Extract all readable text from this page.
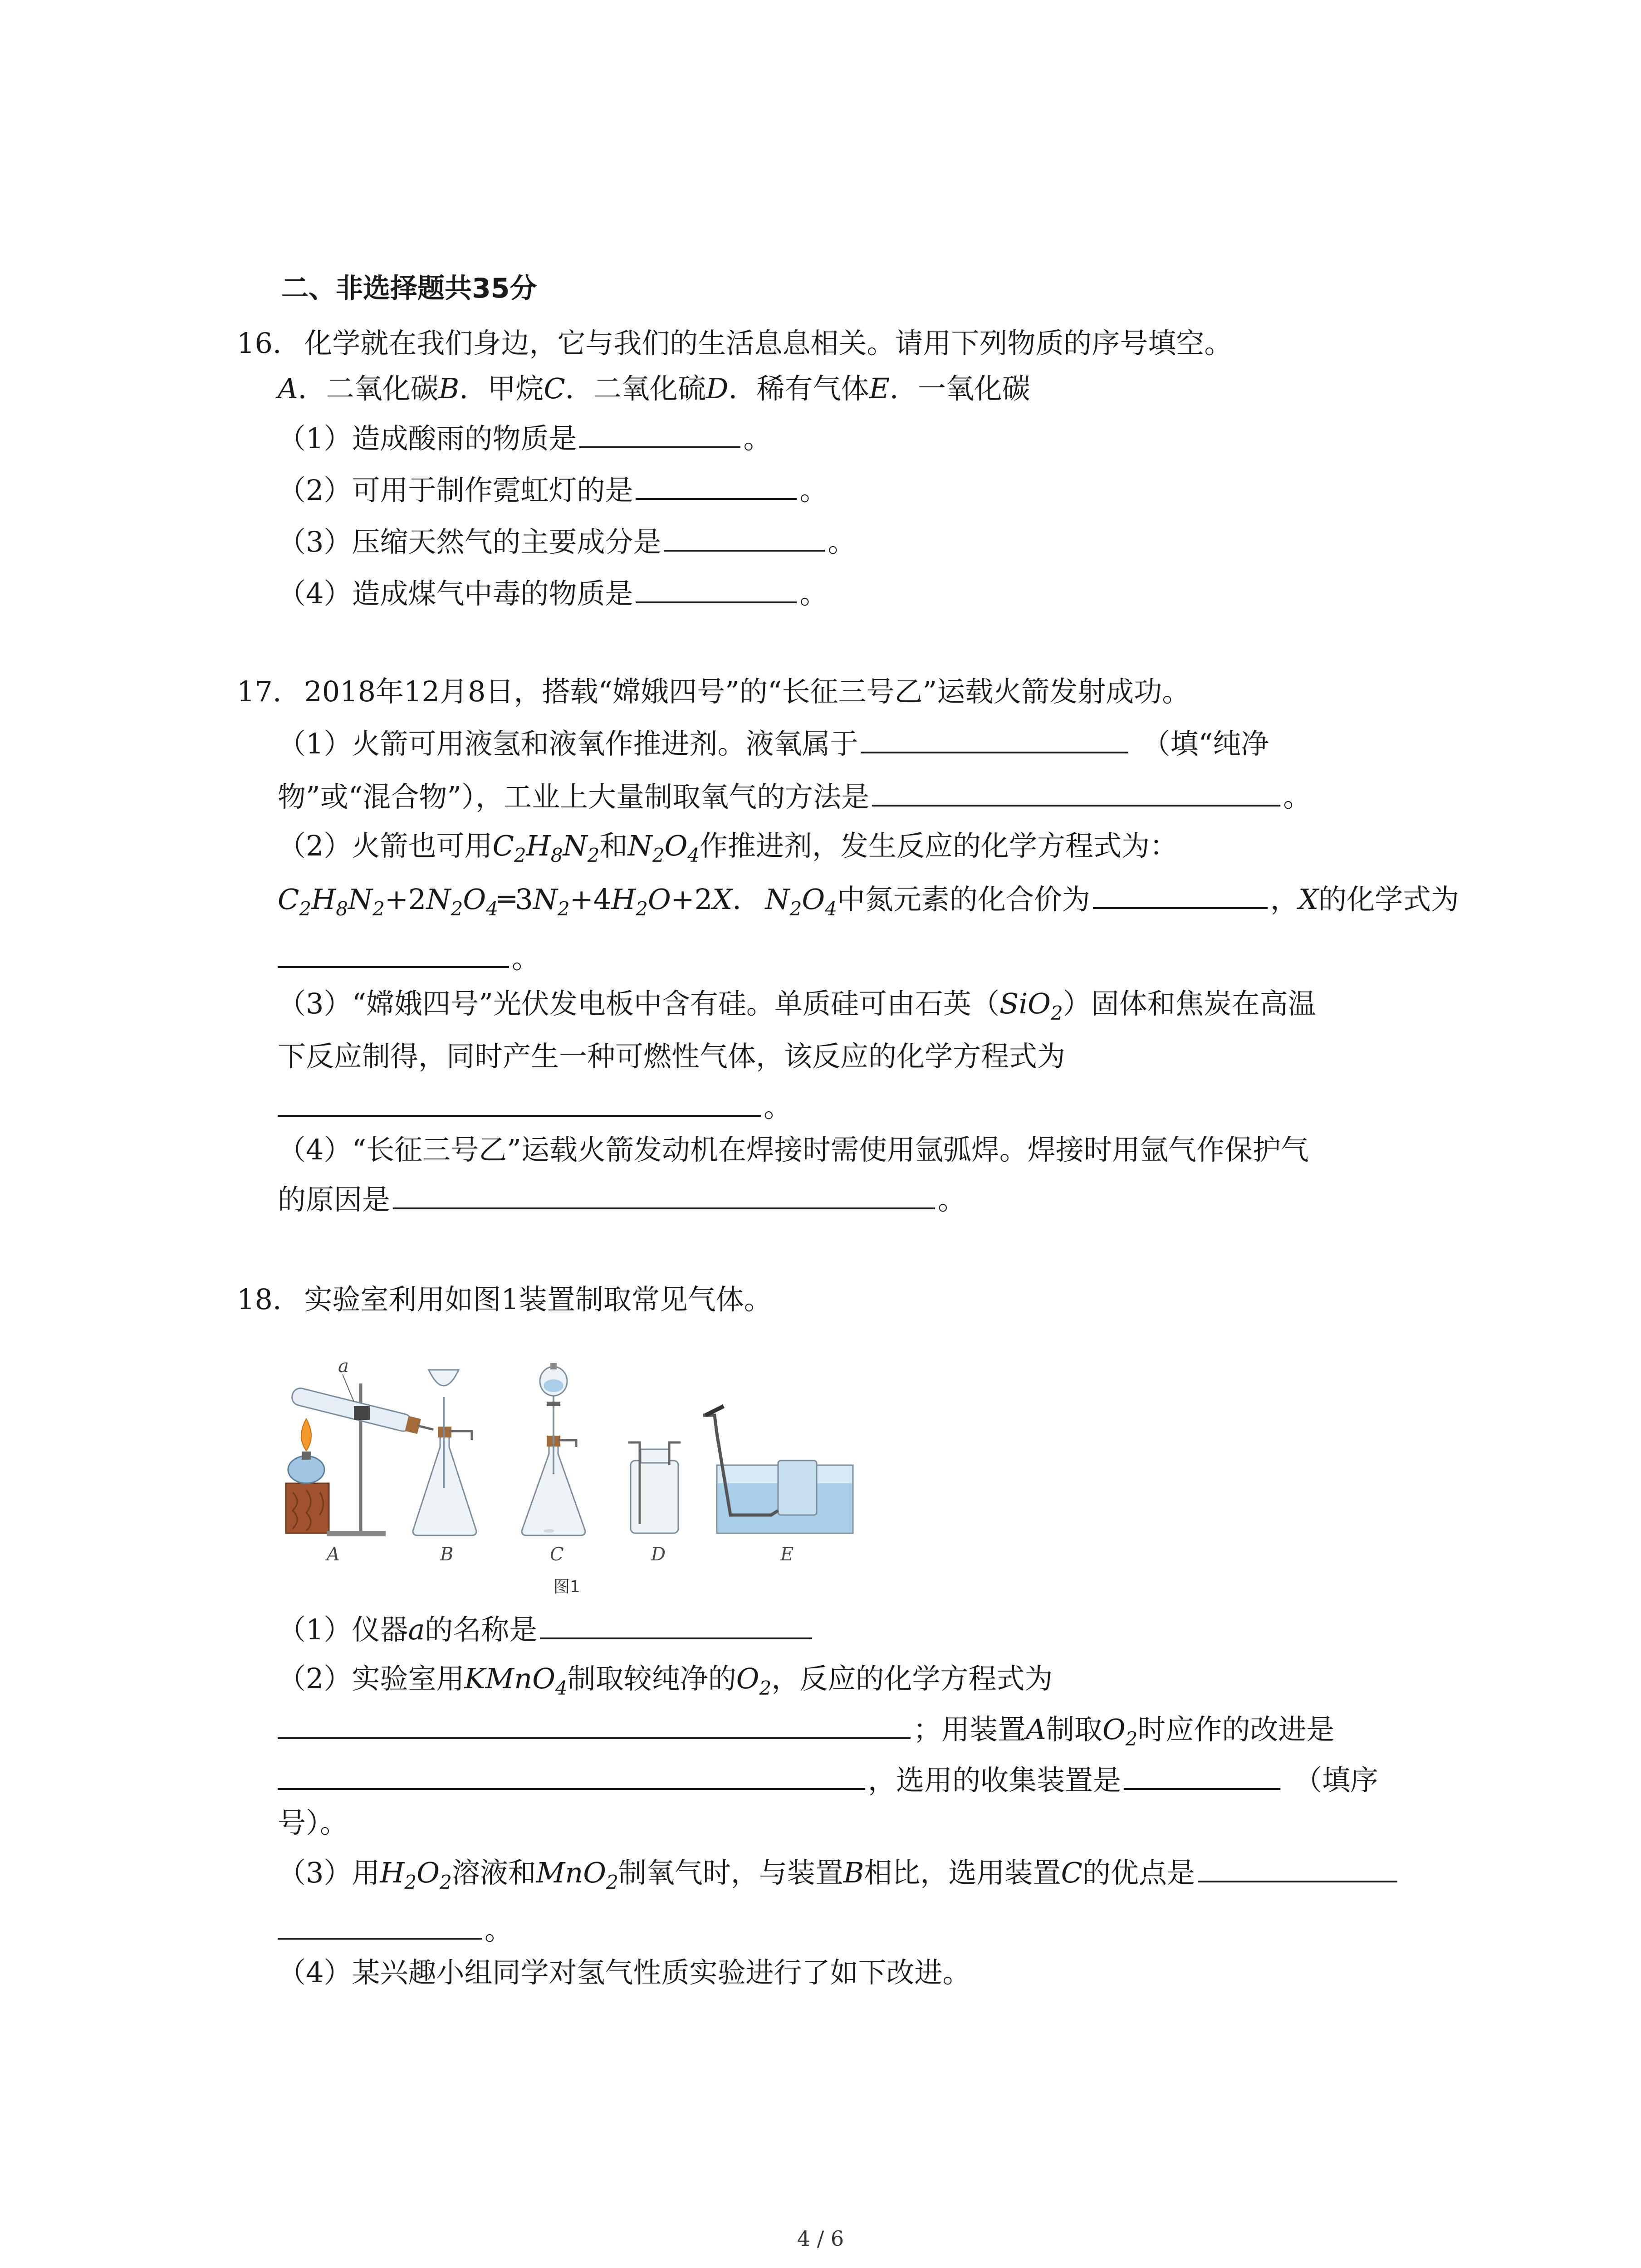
二、非选择题共35分
16. 化学就在我们身边，它与我们的生活息息相关。请用下列物质的序号填空。
A．二氧化碳B．甲烷C．二氧化硫D．稀有气体E．一氧化碳
（1）造成酸雨的物质是	。
（2）可用于制作霓虹灯的是	。
（3）压缩天然气的主要成分是	。
（4）造成煤气中毒的物质是	。
17. 2018年12月8日，搭载“嫦娥四号”的“长征三号乙”运载火箭发射成功。
（1）火箭可用液氢和液氧作推进剂。液氧属于	（填“纯净
物”或“混合物”），工业上大量制取氧气的方法是	。
（2）火箭也可用$C_2H_8N_2$和$N_2O_4$作推进剂，发生反应的化学方程式为：
$C_2H_8N_2+2N_2O_4═3N_2+4H_2O+2X$． $N_2O_4$中氮元素的化合价为	，X的化学式为
。
（3）“嫦娥四号”光伏发电板中含有硅。单质硅可由石英（SiO$_2$）固体和焦炭在高温
下反应制得，同时产生一种可燃性气体，该反应的化学方程式为
。
（4）“长征三号乙”运载火箭发动机在焊接时需使用氩弧焊。焊接时用氩气作保护气
的原因是	。
18. 实验室利用如图1装置制取常见气体。
a
A	B	C	D	E
图1
（1）仪器a的名称是
（2）实验室用KMnO$_4$制取较纯净的$O_2$，反应的化学方程式为
；用装置A制取$O_2$时应作的改进是
，选用的收集装置是	（填序
号）。
（3）用$H_2O_2$溶液和MnO$_2$制氧气时，与装置B相比，选用装置C的优点是
。
（4）某兴趣小组同学对氢气性质实验进行了如下改进。
4 / 6
